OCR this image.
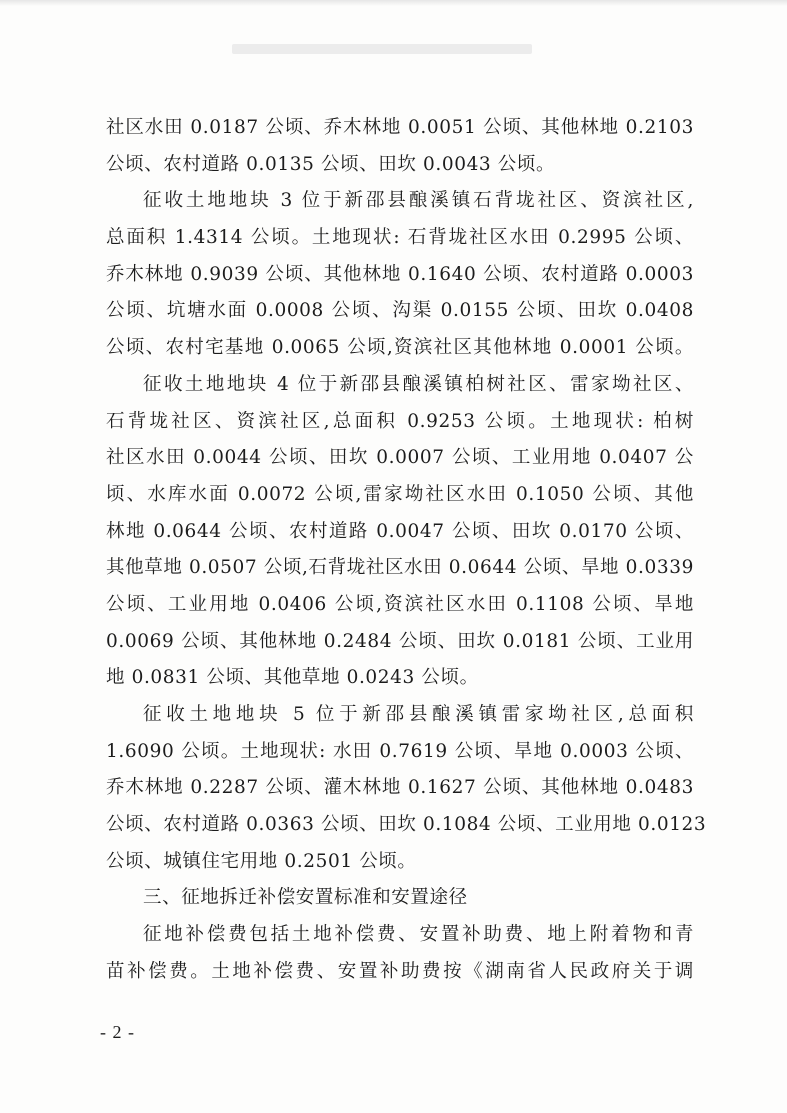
社区水田 0.0187 公顷、乔木林地 0.0051 公顷、其他林地 0.2103
公顷、农村道路 0.0135 公顷、田坎 0.0043 公顷。
征收土地地块 3 位于新邵县酿溪镇石背垅社区、资滨社区,
总面积 1.4314 公顷。土地现状: 石背垅社区水田 0.2995 公顷、
乔木林地 0.9039 公顷、其他林地 0.1640 公顷、农村道路 0.0003
公顷、坑塘水面 0.0008 公顷、沟渠 0.0155 公顷、田坎 0.0408
公顷、农村宅基地 0.0065 公顷,资滨社区其他林地 0.0001 公顷。
征收土地地块 4 位于新邵县酿溪镇柏树社区、雷家坳社区、
石背垅社区、资滨社区,总面积 0.9253 公顷。土地现状: 柏树
社区水田 0.0044 公顷、田坎 0.0007 公顷、工业用地 0.0407 公
顷、水库水面 0.0072 公顷,雷家坳社区水田 0.1050 公顷、其他
林地 0.0644 公顷、农村道路 0.0047 公顷、田坎 0.0170 公顷、
其他草地 0.0507 公顷,石背垅社区水田 0.0644 公顷、旱地 0.0339
公顷、工业用地 0.0406 公顷,资滨社区水田 0.1108 公顷、旱地
0.0069 公顷、其他林地 0.2484 公顷、田坎 0.0181 公顷、工业用
地 0.0831 公顷、其他草地 0.0243 公顷。
征收土地地块 5 位于新邵县酿溪镇雷家坳社区,总面积
1.6090 公顷。土地现状: 水田 0.7619 公顷、旱地 0.0003 公顷、
乔木林地 0.2287 公顷、灌木林地 0.1627 公顷、其他林地 0.0483
公顷、农村道路 0.0363 公顷、田坎 0.1084 公顷、工业用地 0.0123
公顷、城镇住宅用地 0.2501 公顷。
三、征地拆迁补偿安置标准和安置途径
征地补偿费包括土地补偿费、安置补助费、地上附着物和青
苗补偿费。土地补偿费、安置补助费按《湖南省人民政府关于调
- 2 -
